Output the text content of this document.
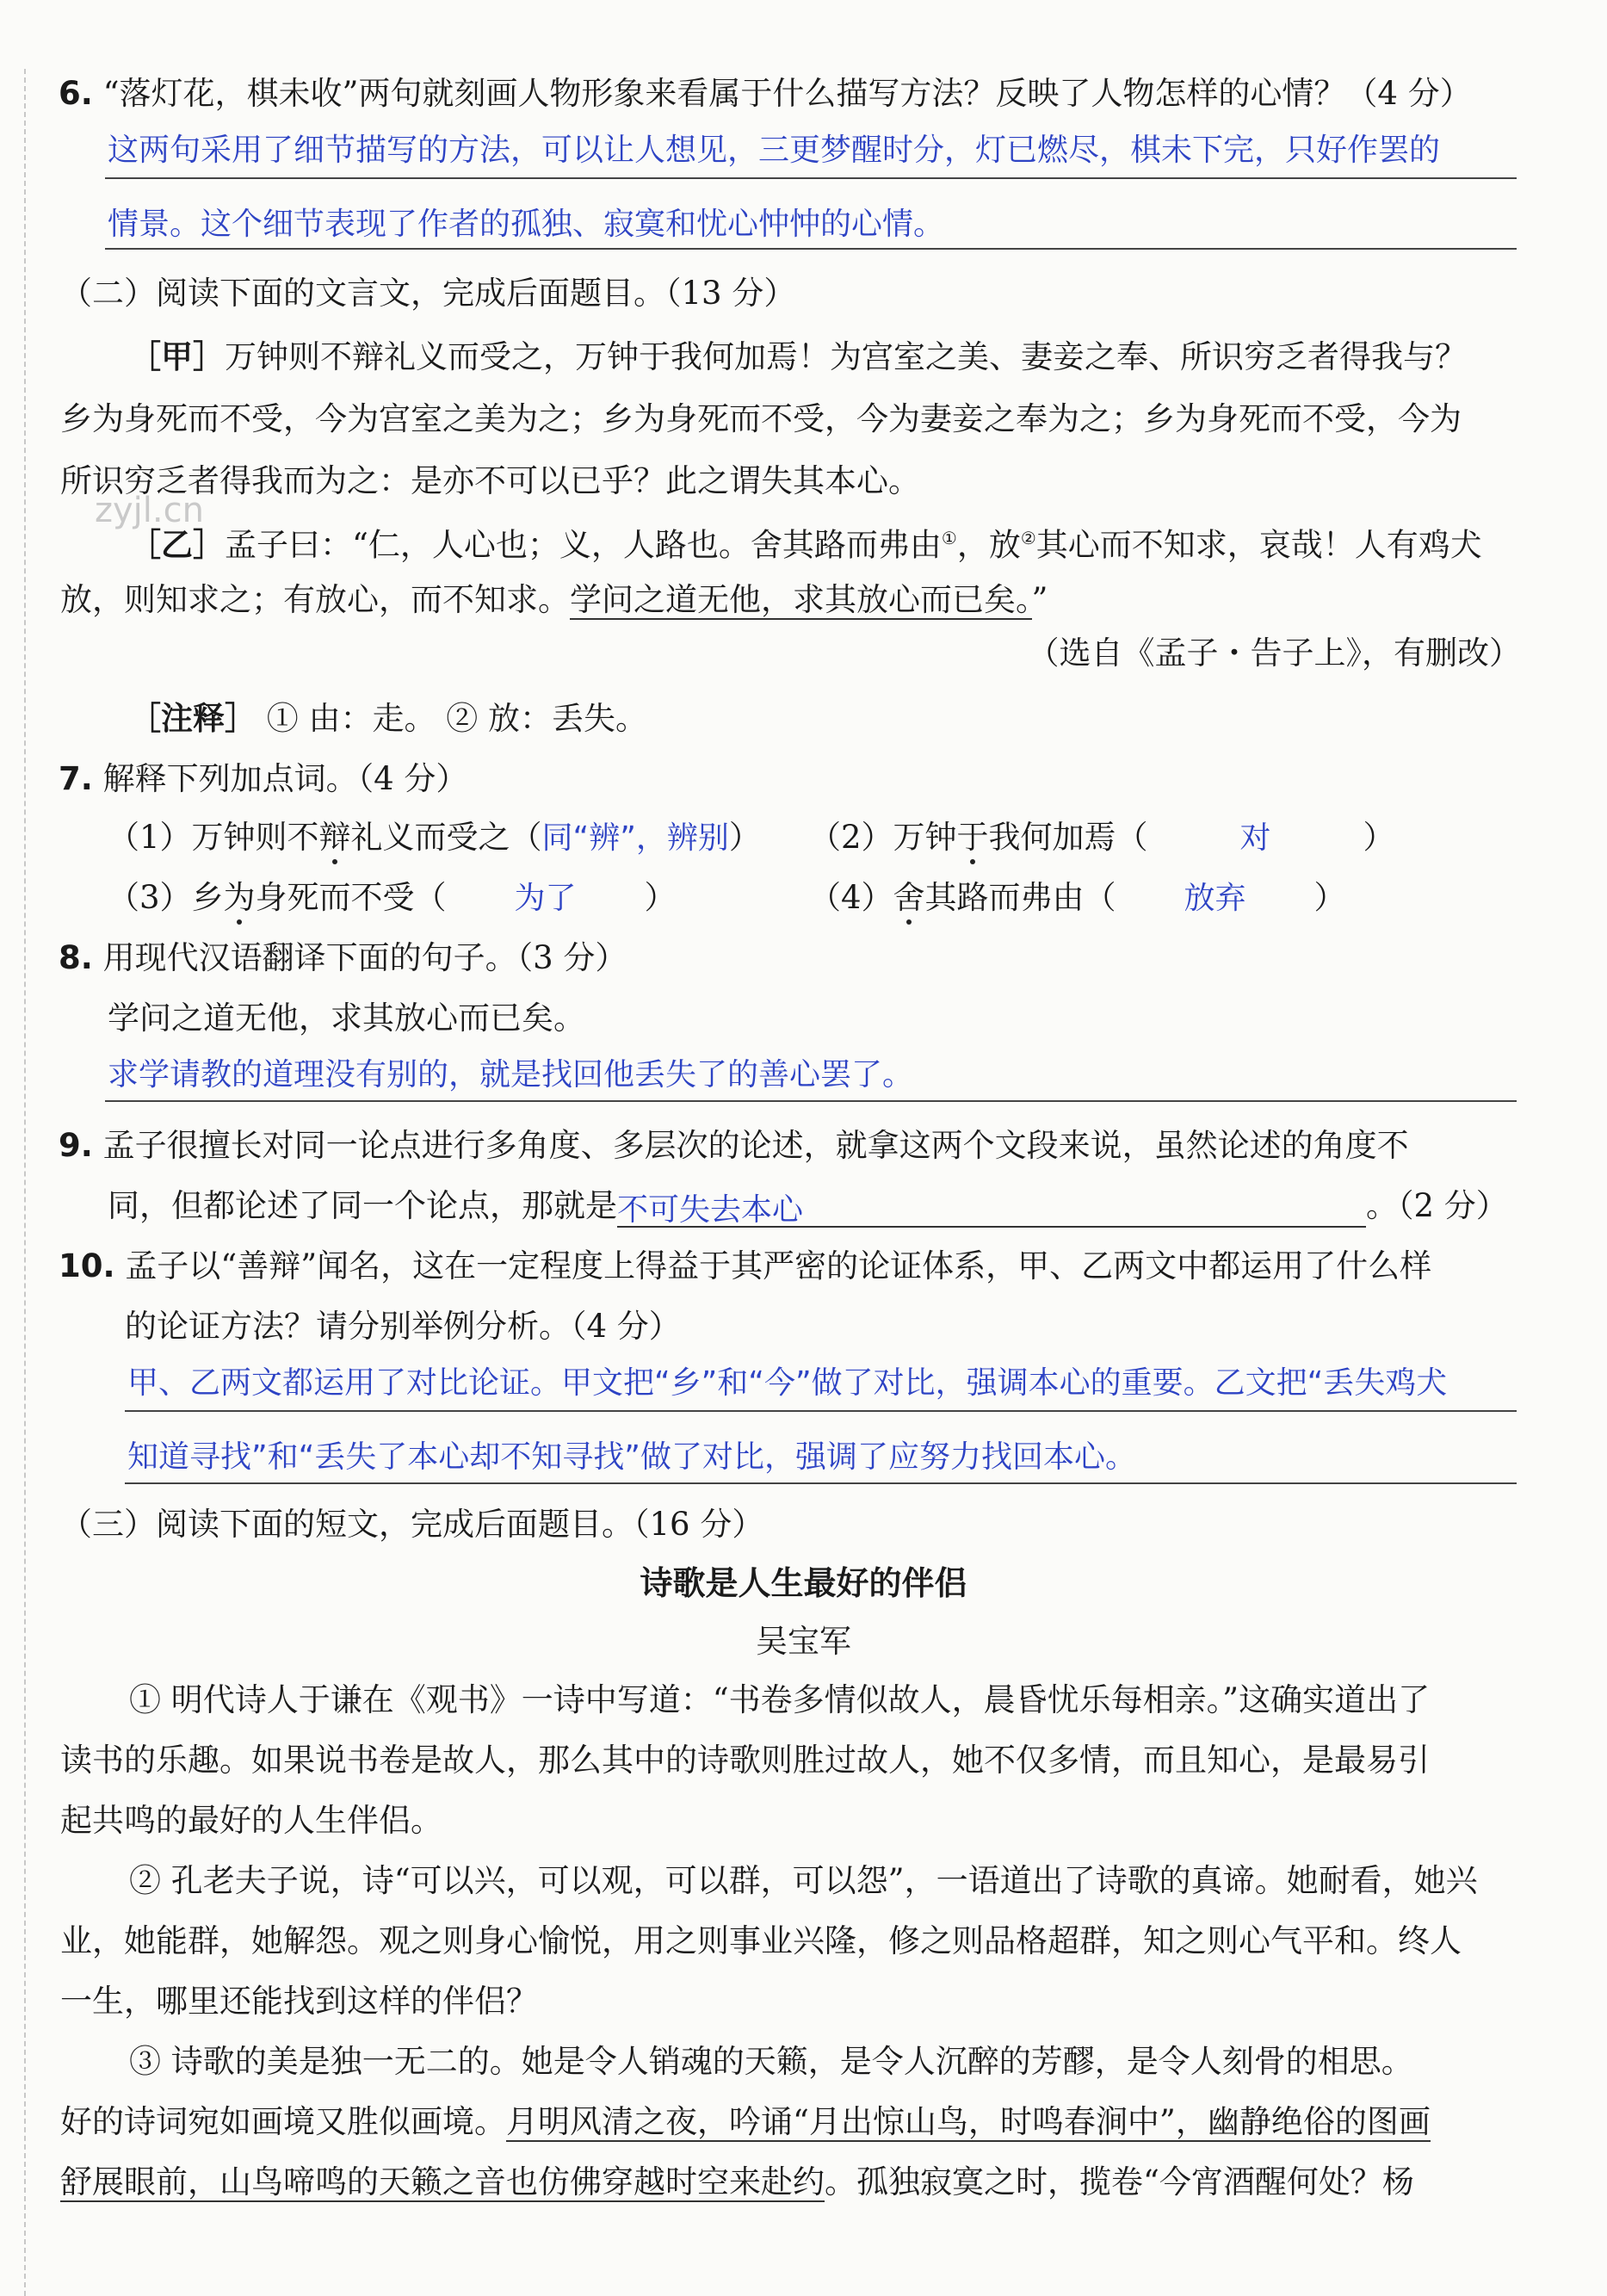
zyjl.cn
6. “落灯花，棋未收”两句就刻画人物形象来看属于什么描写方法？反映了人物怎样的心情？（4 分）
这两句采用了细节描写的方法，可以让人想见，三更梦醒时分，灯已燃尽，棋未下完，只好作罢的
情景。这个细节表现了作者的孤独、寂寞和忧心忡忡的心情。
（二）阅读下面的文言文，完成后面题目。（13 分）
［甲］万钟则不辩礼义而受之，万钟于我何加焉！为宫室之美、妻妾之奉、所识穷乏者得我与？
乡为身死而不受，今为宫室之美为之；乡为身死而不受，今为妻妾之奉为之；乡为身死而不受，今为
所识穷乏者得我而为之：是亦不可以已乎？此之谓失其本心。
［乙］孟子曰：“仁，人心也；义，人路也。舍其路而弗由①，放②其心而不知求，哀哉！人有鸡犬
放，则知求之；有放心，而不知求。学问之道无他，求其放心而已矣。”
（选自《孟子・告子上》，有删改）
［注释］ ① 由：走。 ② 放：丢失。
7. 解释下列加点词。（4 分）
（1）万钟则不辩礼义而受之（同“辨”，辨别）	（2）万钟于我何加焉（	对	）
（3）乡为身死而不受（ 为了 ）	（4）舍其路而弗由（ 放弃 ）
8. 用现代汉语翻译下面的句子。（3 分）
学问之道无他，求其放心而已矣。
求学请教的道理没有别的，就是找回他丢失了的善心罢了。
9. 孟子很擅长对同一论点进行多角度、多层次的论述，就拿这两个文段来说，虽然论述的角度不
同，但都论述了同一个论点，那就是不可失去本心	。（2 分）
10. 孟子以“善辩”闻名，这在一定程度上得益于其严密的论证体系，甲、乙两文中都运用了什么样
的论证方法？请分别举例分析。（4 分）
甲、乙两文都运用了对比论证。甲文把“乡”和“今”做了对比，强调本心的重要。乙文把“丢失鸡犬
知道寻找”和“丢失了本心却不知寻找”做了对比，强调了应努力找回本心。
（三）阅读下面的短文，完成后面题目。（16 分）
诗歌是人生最好的伴侣
吴宝军
① 明代诗人于谦在《观书》一诗中写道：“书卷多情似故人，晨昏忧乐每相亲。”这确实道出了
读书的乐趣。如果说书卷是故人，那么其中的诗歌则胜过故人，她不仅多情，而且知心，是最易引
起共鸣的最好的人生伴侣。
② 孔老夫子说，诗“可以兴，可以观，可以群，可以怨”，一语道出了诗歌的真谛。她耐看，她兴
业，她能群，她解怨。观之则身心愉悦，用之则事业兴隆，修之则品格超群，知之则心气平和。终人
一生，哪里还能找到这样的伴侣？
③ 诗歌的美是独一无二的。她是令人销魂的天籁，是令人沉醉的芳醪，是令人刻骨的相思。
好的诗词宛如画境又胜似画境。月明风清之夜，吟诵“月出惊山鸟，时鸣春涧中”，幽静绝俗的图画
舒展眼前，山鸟啼鸣的天籁之音也仿佛穿越时空来赴约。孤独寂寞之时，揽卷“今宵酒醒何处？杨
